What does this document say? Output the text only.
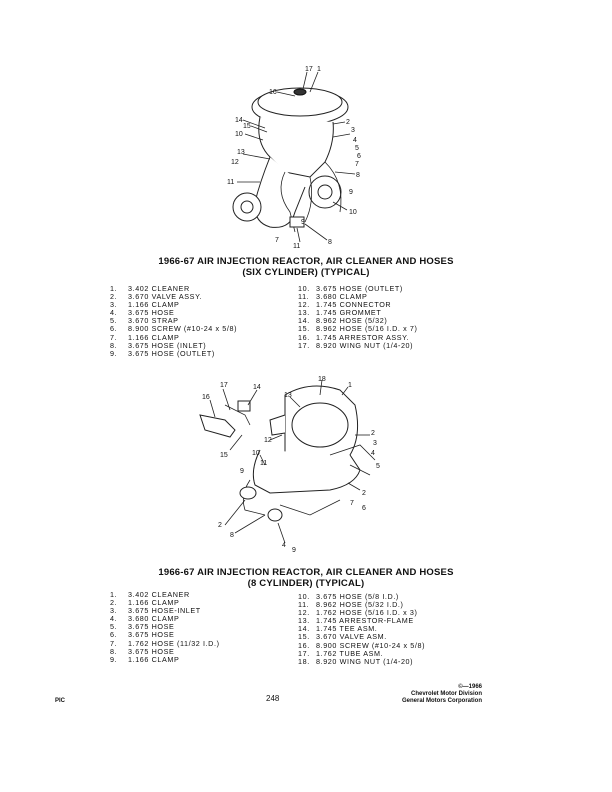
17 1
16
2
14
15
3
10
4
13
5
6
12	7
11
8
9
10
9
8
7
11
1966-67 AIR INJECTION REACTOR, AIR CLEANER AND HOSES
(SIX CYLINDER) (TYPICAL)
1. 3.402 CLEANER
2. 3.670 VALVE ASSY.
3. 1.166 CLAMP
4. 3.675 HOSE
5. 3.670 STRAP
6. 8.900 SCREW (#10-24 x 5/8)
7. 1.166 CLAMP
8. 3.675 HOSE (INLET)
9. 3.675 HOSE (OUTLET)
10. 3.675 HOSE (OUTLET)
11. 3.680 CLAMP
12. 1.745 CONNECTOR
13. 1.745 GROMMET
14. 8.962 HOSE (5/32)
15. 8.962 HOSE (5/16 I.D. x 7)
16. 1.745 ARRESTOR ASSY.
17. 8.920 WING NUT (1/4-20)
17	14
18
1
16	13
12
15	10
11
2
3
4
5
9
2
6
8
2
4
9
7
1966-67 AIR INJECTION REACTOR, AIR CLEANER AND HOSES
(8 CYLINDER) (TYPICAL)
1. 3.402 CLEANER
2. 1.166 CLAMP
3. 3.675 HOSE-INLET
4. 3.680 CLAMP
5. 3.675 HOSE
6. 3.675 HOSE
7. 1.762 HOSE (11/32 I.D.)
8. 3.675 HOSE
9. 1.166 CLAMP
10. 3.675 HOSE (5/8 I.D.)
11. 8.962 HOSE (5/32 I.D.)
12. 1.762 HOSE (5/16 I.D. x 3)
13. 1.745 ARRESTOR-FLAME
14. 1.745 TEE ASM.
15. 3.670 VALVE ASM.
16. 8.900 SCREW (#10-24 x 5/8)
17. 1.762 TUBE ASM.
18. 8.920 WING NUT (1/4-20)
PIC	248
©—1966
Chevrolet Motor Division
General Motors Corporation
